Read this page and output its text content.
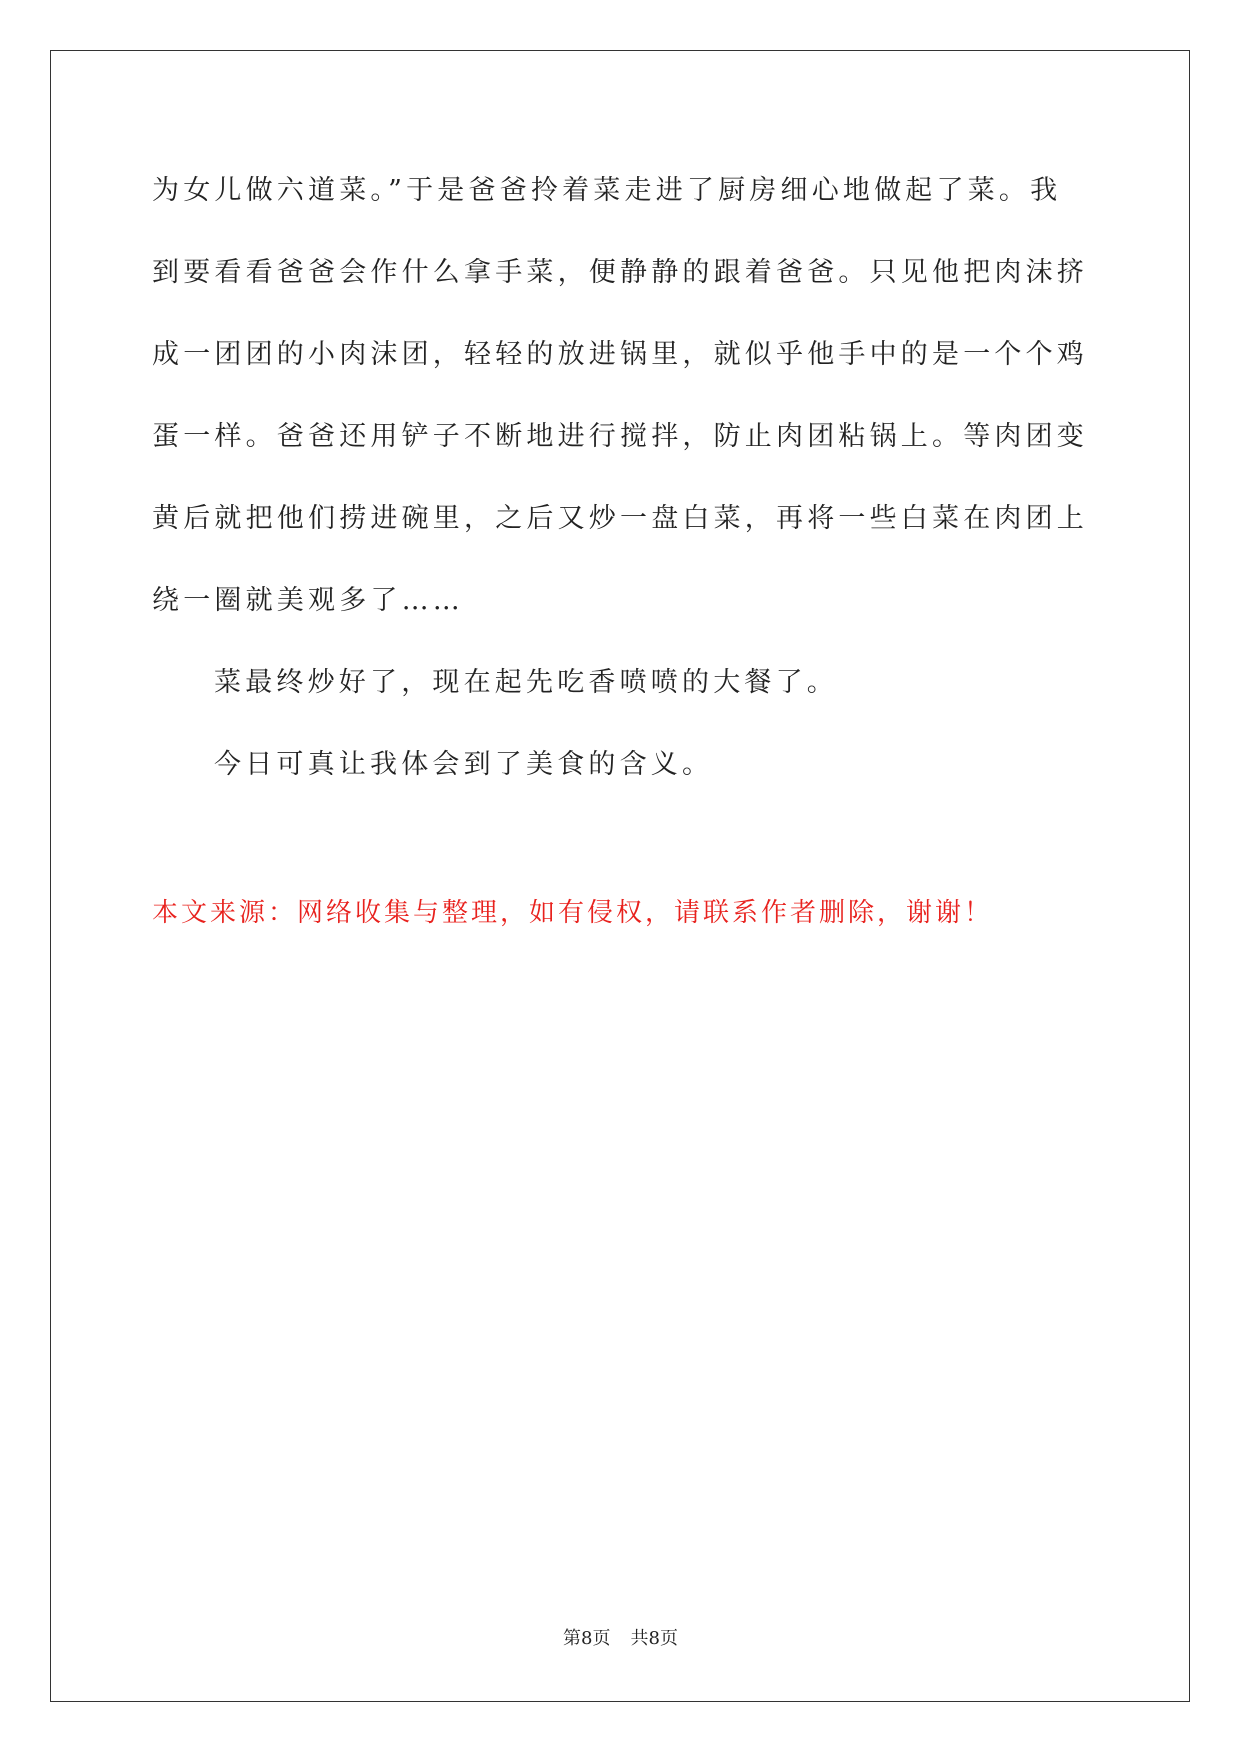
为女儿做六道菜。”于是爸爸拎着菜走进了厨房细心地做起了菜。我
到要看看爸爸会作什么拿手菜，便静静的跟着爸爸。只见他把肉沫挤
成一团团的小肉沫团，轻轻的放进锅里，就似乎他手中的是一个个鸡
蛋一样。爸爸还用铲子不断地进行搅拌，防止肉团粘锅上。等肉团变
黄后就把他们捞进碗里，之后又炒一盘白菜，再将一些白菜在肉团上
绕一圈就美观多了……
菜最终炒好了，现在起先吃香喷喷的大餐了。
今日可真让我体会到了美食的含义。
本文来源：网络收集与整理，如有侵权，请联系作者删除，谢谢！
第8页 共8页
